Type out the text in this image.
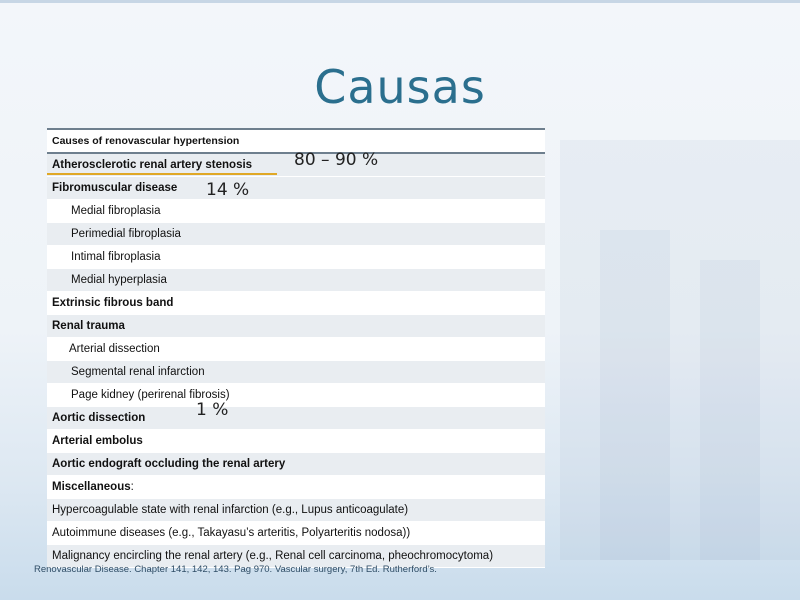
Causas
Causes of renovascular hypertension
Atherosclerotic renal artery stenosis
Fibromuscular disease
Medial fibroplasia
Perimedial fibroplasia
Intimal fibroplasia
Medial hyperplasia
Extrinsic fibrous band
Renal trauma
Arterial dissection
Segmental renal infarction
Page kidney (perirenal fibrosis)
Aortic dissection
Arterial embolus
Aortic endograft occluding the renal artery
Miscellaneous:
Hypercoagulable state with renal infarction (e.g., Lupus anticoagulate)
Autoimmune diseases (e.g., Takayasu’s arteritis, Polyarteritis nodosa))
Malignancy encircling the renal artery (e.g., Renal cell carcinoma, pheochromocytoma)
80 – 90 %
14 %
1 %
Renovascular Disease. Chapter 141, 142, 143. Pag 970. Vascular surgery, 7th Ed. Rutherford’s.
